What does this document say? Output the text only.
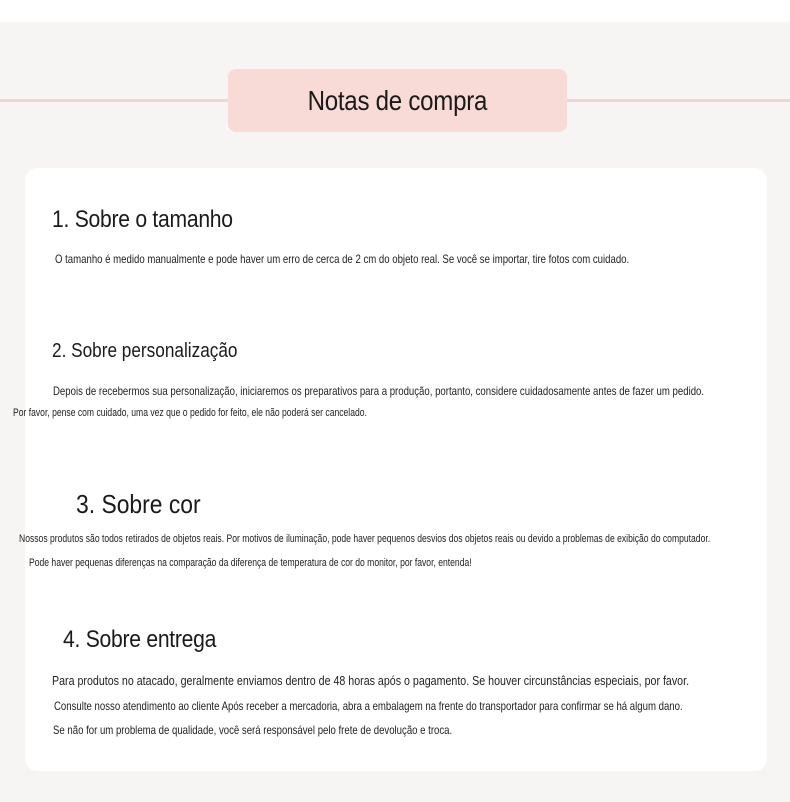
Notas de compra
1. Sobre o tamanho
O tamanho é medido manualmente e pode haver um erro de cerca de 2 cm do objeto real. Se você se importar, tire fotos com cuidado.
2. Sobre personalização
Depois de recebermos sua personalização, iniciaremos os preparativos para a produção, portanto, considere cuidadosamente antes de fazer um pedido.
Por favor, pense com cuidado, uma vez que o pedido for feito, ele não poderá ser cancelado.
3. Sobre cor
Nossos produtos são todos retirados de objetos reais. Por motivos de iluminação, pode haver pequenos desvios dos objetos reais ou devido a problemas de exibição do computador.
Pode haver pequenas diferenças na comparação da diferença de temperatura de cor do monitor, por favor, entenda!
4. Sobre entrega
Para produtos no atacado, geralmente enviamos dentro de 48 horas após o pagamento. Se houver circunstâncias especiais, por favor.
Consulte nosso atendimento ao cliente Após receber a mercadoria, abra a embalagem na frente do transportador para confirmar se há algum dano.
Se não for um problema de qualidade, você será responsável pelo frete de devolução e troca.
